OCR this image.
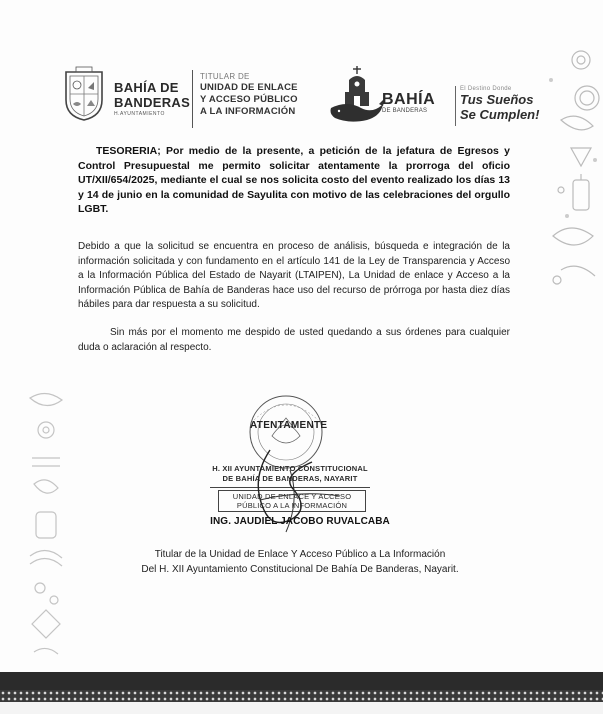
BAHÍA DE
BANDERAS
H.AYUNTAMIENTO
TITULAR DE
UNIDAD DE ENLACE
Y ACCESO PÚBLICO
A LA INFORMACIÓN
BAHÍA
DE BANDERAS
El Destino Donde
Tus Sueños
Se Cumplen!

TESORERIA; Por medio de la presente, a petición de la jefatura de Egresos y Control Presupuestal me permito solicitar atentamente la prorroga del oficio UT/XII/654/2025, mediante el cual se nos solicita costo del evento realizado los días 13 y 14 de junio en la comunidad de Sayulita con motivo de las celebraciones del orgullo LGBT.

Debido a que la solicitud se encuentra en proceso de análisis, búsqueda e integración de la información solicitada y con fundamento en el artículo 141 de la Ley de Transparencia y Acceso a la Información Pública del Estado de Nayarit (LTAIPEN), La Unidad de enlace y Acceso a la Información Pública de Bahía de Banderas hace uso del recurso de prórroga por hasta diez días hábiles para dar respuesta a su solicitud.

Sin más por el momento me despido de usted quedando a sus órdenes para cualquier duda o aclaración al respecto.

ATENTAMENTE
H. XII AYUNTAMIENTO CONSTITUCIONAL
DE BAHÍA DE BANDERAS, NAYARIT
UNIDAD DE ENLACE Y ACCESO
PÚBLICO A LA INFORMACIÓN
ING. JAUDIEL JACOBO RUVALCABA
Titular de la Unidad de Enlace Y Acceso Público a La Información
Del H. XII Ayuntamiento Constitucional De Bahía De Banderas, Nayarit.
